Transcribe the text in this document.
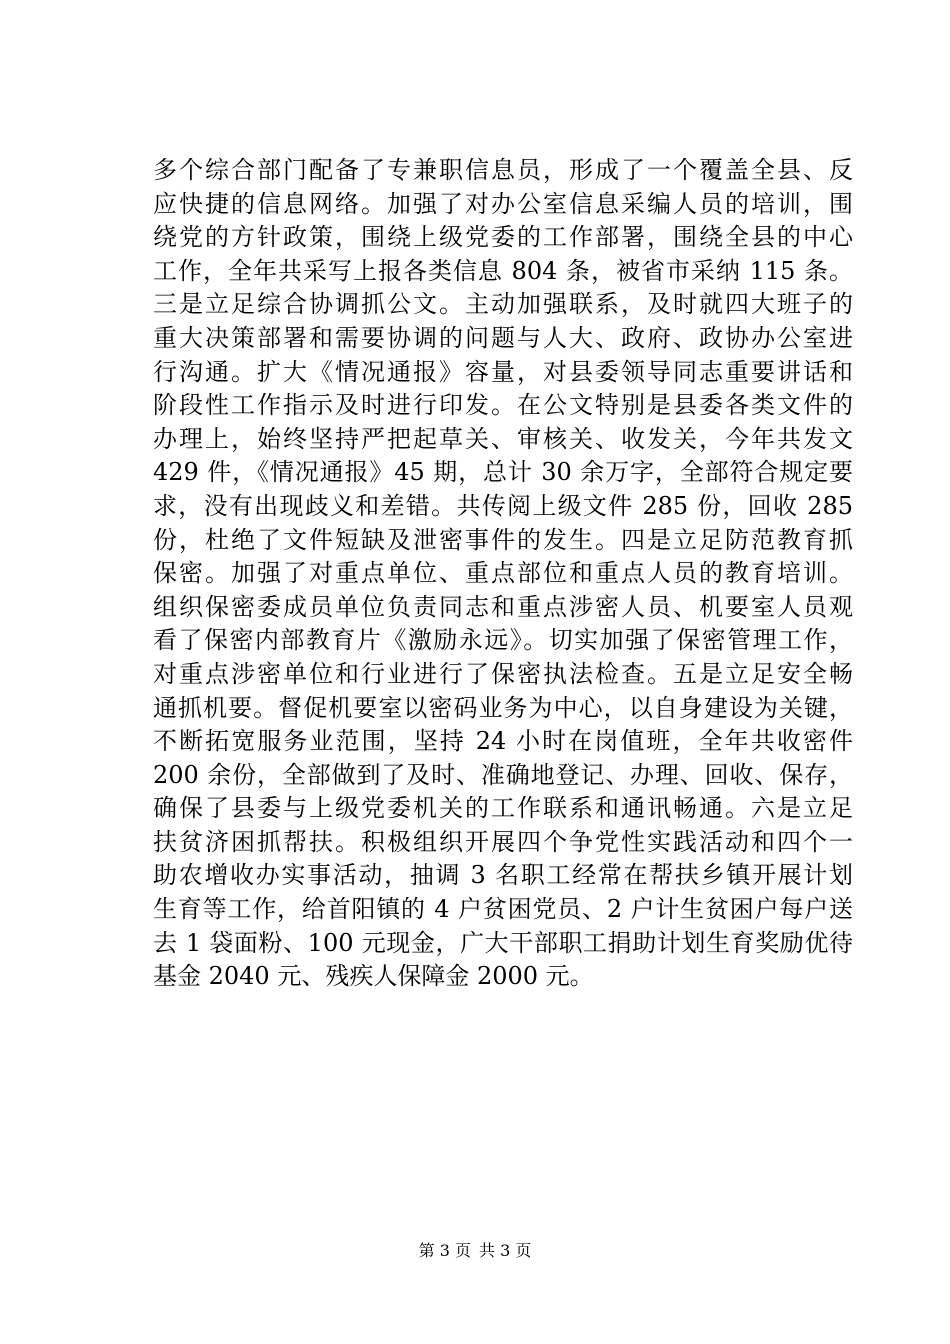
多个综合部门配备了专兼职信息员，形成了一个覆盖全县、反
应快捷的信息网络。加强了对办公室信息采编人员的培训，围
绕党的方针政策，围绕上级党委的工作部署，围绕全县的中心
工作，全年共采写上报各类信息 804 条，被省市采纳 115 条。
三是立足综合协调抓公文。主动加强联系，及时就四大班子的
重大决策部署和需要协调的问题与人大、政府、政协办公室进
行沟通。扩大《情况通报》容量，对县委领导同志重要讲话和
阶段性工作指示及时进行印发。在公文特别是县委各类文件的
办理上，始终坚持严把起草关、审核关、收发关，今年共发文
429 件，《情况通报》45 期，总计 30 余万字，全部符合规定要
求，没有出现歧义和差错。共传阅上级文件 285 份，回收 285
份，杜绝了文件短缺及泄密事件的发生。四是立足防范教育抓
保密。加强了对重点单位、重点部位和重点人员的教育培训。
组织保密委成员单位负责同志和重点涉密人员、机要室人员观
看了保密内部教育片《激励永远》。切实加强了保密管理工作，
对重点涉密单位和行业进行了保密执法检查。五是立足安全畅
通抓机要。督促机要室以密码业务为中心，以自身建设为关键，
不断拓宽服务业范围，坚持 24 小时在岗值班，全年共收密件
200 余份，全部做到了及时、准确地登记、办理、回收、保存，
确保了县委与上级党委机关的工作联系和通讯畅通。六是立足
扶贫济困抓帮扶。积极组织开展四个争党性实践活动和四个一
助农增收办实事活动，抽调 3 名职工经常在帮扶乡镇开展计划
生育等工作，给首阳镇的 4 户贫困党员、2 户计生贫困户每户送
去 1 袋面粉、100 元现金，广大干部职工捐助计划生育奖励优待
基金 2040 元、残疾人保障金 2000 元。
第 3 页 共 3 页
